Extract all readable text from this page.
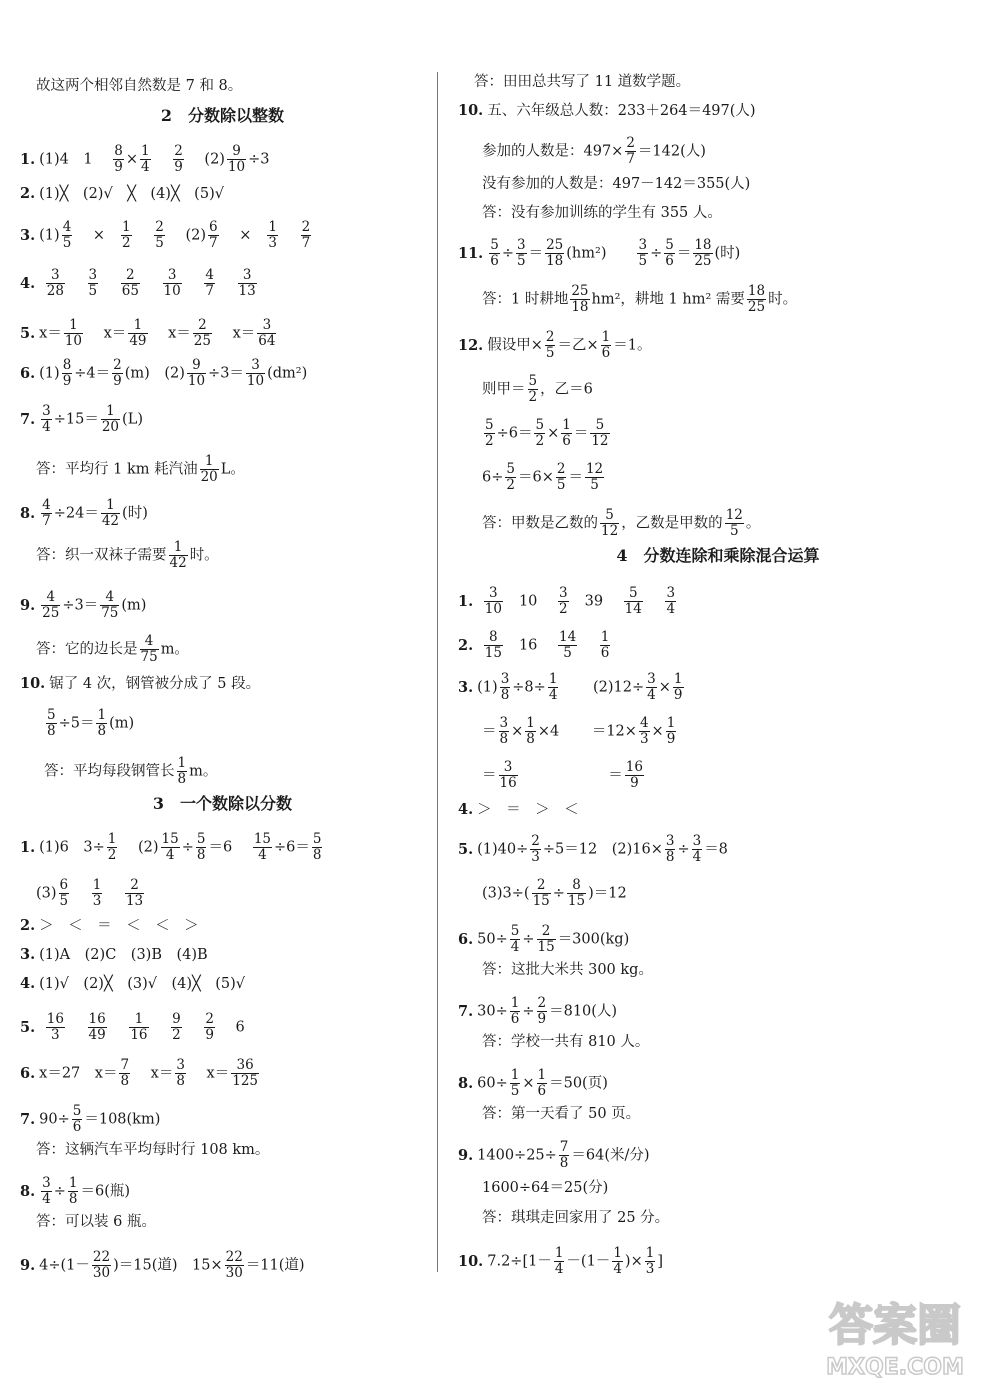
故这两个相邻自然数是 7 和 8。
2　分数除以整数
1. (1)4　$1 \frac{8}{9} \times \frac{1}{4}$
$\frac{2}{9} (2) \frac{9}{10} \div 3$
2. (1)╳　(2)√　╳　(4)╳　(5)√
3. $(1) \frac{4}{5} \times \frac{1}{2}$
$\frac{2}{5} (2) \frac{6}{7} \times \frac{1}{3}$
$\frac{2}{7}$
4. $\frac{3}{28}$
$\frac{3}{5}$
$\frac{2}{65}$
$\frac{3}{10}$
$\frac{4}{7}$
$\frac{3}{13}$
5. $x= \frac{1}{10} x= \frac{1}{49} x= \frac{2}{25} x= \frac{3}{64}$
6. $(1) \frac{8}{9} \div 4= \frac{2}{9} (m)$　$(2) \frac{9}{10} \div 3= \frac{3}{10} (dm^2)$
7. $\frac{3}{4} \div 15= \frac{1}{20} (L)$
答：平均行 1 km 耗汽油 $\frac{1}{20}$ L。
8. $\frac{4}{7} \div 24= \frac{1}{42}$ (时)
答：织一双袜子需要 $\frac{1}{42}$ 时。
9. $\frac{4}{25} \div 3= \frac{4}{75} (m)$
答：它的边长是 $\frac{4}{75}$ m。
10. 锯了 4 次，钢管被分成了 5 段。
$\frac{5}{8} \div 5= \frac{1}{8} (m)$
答：平均每段钢管长 $\frac{1}{8}$ m。
3　一个数除以分数
1. (1)6　$3\div \frac{1}{2} (2) \frac{15}{4} \div \frac{5}{8} =6 \frac{15}{4} \div 6= \frac{5}{8}$
$(3) \frac{6}{5}$
$\frac{1}{3}$
$\frac{2}{13}$
2. ＞　＜　＝　＜　＜　＞
3. (1)A　(2)C　(3)B　(4)B
4. (1)√　(2)╳　(3)√　(4)╳　(5)√
5. $\frac{16}{3}$
$\frac{16}{49}$
$\frac{1}{16}$
$\frac{9}{2}$
$\frac{2}{9} 6$
6. x＝27　$x= \frac{7}{8} x= \frac{3}{8} x= \frac{36}{125}$
7. $90\div \frac{5}{6} =108(km)$
答：这辆汽车平均每时行 108 km。
8. $\frac{3}{4} \div \frac{1}{8} =6$(瓶)
答：可以装 6 瓶。
9. $4\div(1- \frac{22}{30} )=15$(道)　$15\times \frac{22}{30} =11$(道)
答：田田总共写了 11 道数学题。
10. 五、六年级总人数：233＋264＝497(人)
参加的人数是：$497\times \frac{2}{7} =142$(人)
没有参加的人数是：497－142＝355(人)
答：没有参加训练的学生有 355 人。
11. $\frac{5}{6} \div \frac{3}{5} = \frac{25}{18} (hm^2)$　　 $\frac{3}{5} \div \frac{5}{6} = \frac{18}{25}$ (时)
答：1 时耕地 $\frac{25}{18} hm^2$，耕地 1 hm² 需要 $\frac{18}{25}$ 时。
12. 假设甲× $\frac{2}{5}$ ＝乙× $\frac{1}{6} =1$。
则甲＝ $\frac{5}{2}$ ，乙＝6
$\frac{5}{2} \div 6= \frac{5}{2} \times \frac{1}{6} = \frac{5}{12}$
$6\div \frac{5}{2} =6\times \frac{2}{5} = \frac{12}{5}$
答：甲数是乙数的 $\frac{5}{12}$ ，乙数是甲数的 $\frac{12}{5}$ 。
4　分数连除和乘除混合运算
1. $\frac{3}{10} 10 \frac{3}{2} 39 \frac{5}{14}$
$\frac{3}{4}$
2. $\frac{8}{15} 16 \frac{14}{5}$
$\frac{1}{6}$
3. $(1) \frac{3}{8} \div 8\div \frac{1}{4} (2)12\div \frac{3}{4} \times \frac{1}{9}$
＝ $\frac{3}{8} \times \frac{1}{8} \times 4 =12\times \frac{4}{3} \times \frac{1}{9}$
＝ $\frac{3}{16}$	＝ $\frac{16}{9}$
4. ＞　＝　＞　＜
5. $(1)40\div \frac{2}{3} \div 5=12$　$(2)16\times \frac{3}{8} \div \frac{3}{4} =8$
$(3)3\div( \frac{2}{15} \div \frac{8}{15} )=12$
6. $50\div \frac{5}{4} \div \frac{2}{15} =300(kg)$
答：这批大米共 300 kg。
7. $30\div \frac{1}{6} \div \frac{2}{9} =810$(人)
答：学校一共有 810 人。
8. $60\div \frac{1}{5} \times \frac{1}{6} =50$(页)
答：第一天看了 50 页。
9. $1400\div 25\div \frac{7}{8} =64$(米/分)
1600÷64＝25(分)
答：琪琪走回家用了 25 分。
10. $7.2\div[1- \frac{1}{4} -(1- \frac{1}{4}$ )× $\frac{1}{3}$ ]
答案圈
MXQE.COM
